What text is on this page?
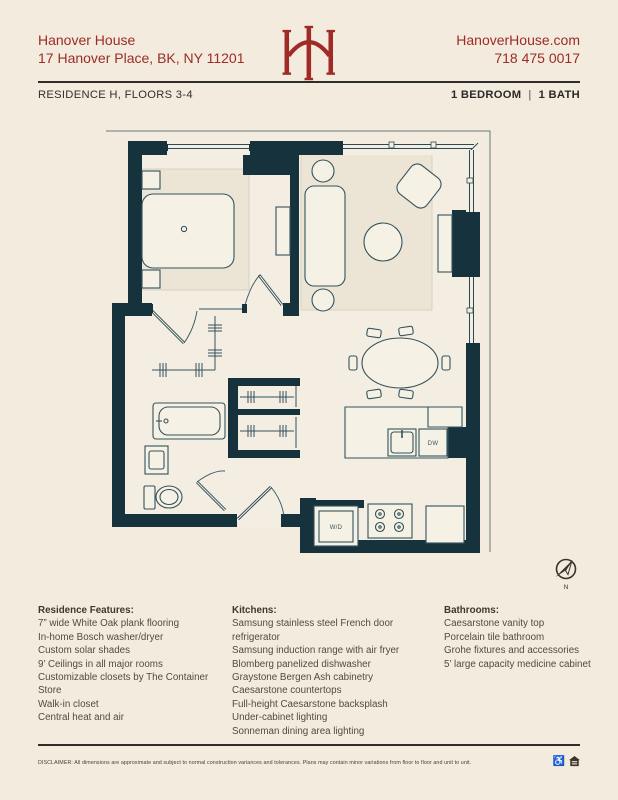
Hanover House
17 Hanover Place, BK, NY 11201
HanoverHouse.com
718 475 0017
RESIDENCE H, FLOORS 3-4	1 BEDROOM | 1 BATH
DW
W/D
N
Residence Features:
7” wide White Oak plank flooring
In-home Bosch washer/dryer
Custom solar shades
9’ Ceilings in all major rooms
Customizable closets by The Container Store
Walk-in closet
Central heat and air
Kitchens:
Samsung stainless steel French door refrigerator
Samsung induction range with air fryer
Blomberg panelized dishwasher
Graystone Bergen Ash cabinetry
Caesarstone countertops
Full-height Caesarstone backsplash
Under-cabinet lighting
Sonneman dining area lighting
Bathrooms:
Caesarstone vanity top
Porcelain tile bathroom
Grohe fixtures and accessories
5’ large capacity medicine cabinet
DISCLAIMER: All dimensions are approximate and subject to normal construction variances and tolerances. Plans may contain minor variations from floor to floor and unit to unit.	♿
